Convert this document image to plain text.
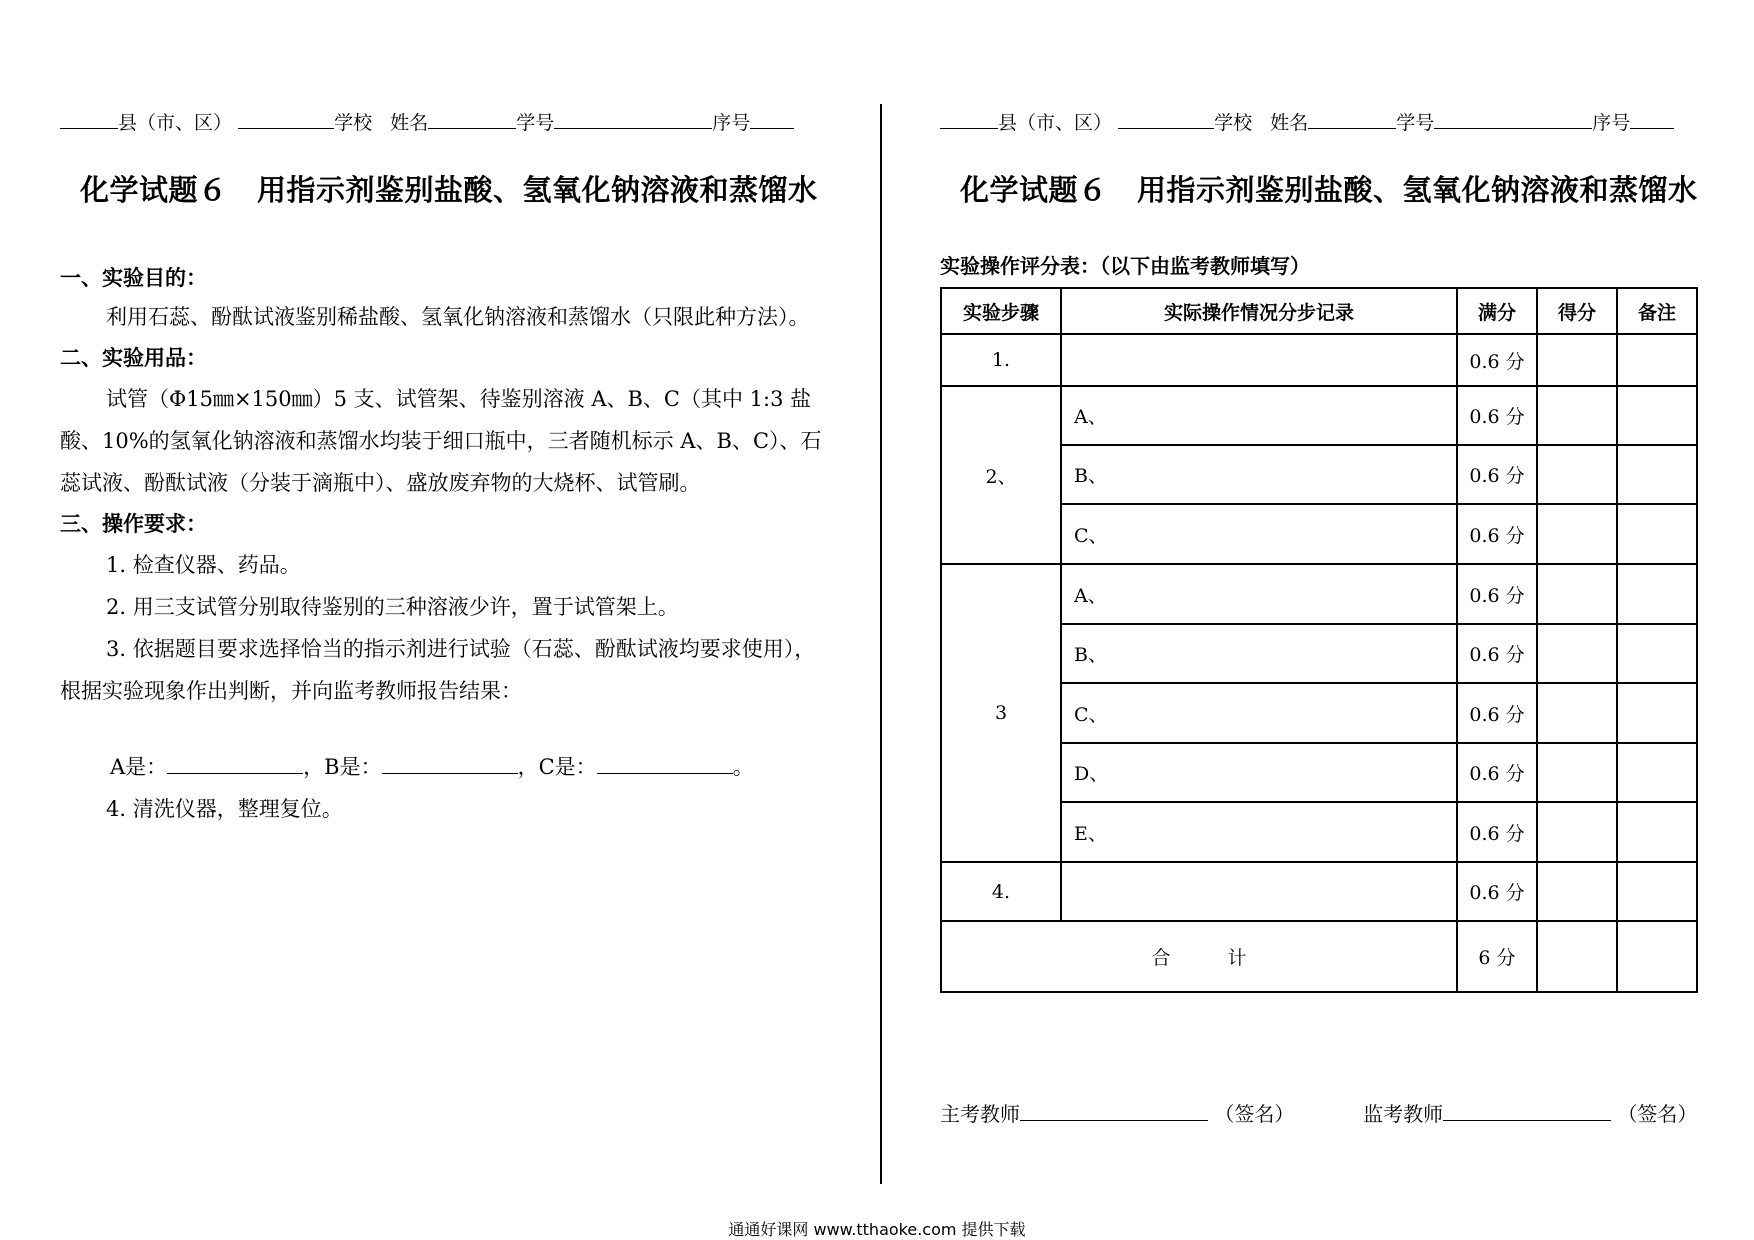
县（市、区）	学校 姓名	学号	序号
化学试题６　用指示剂鉴别盐酸、氢氧化钠溶液和蒸馏水
一、实验目的：
利用石蕊、酚酞试液鉴别稀盐酸、氢氧化钠溶液和蒸馏水（只限此种方法）。
二、实验用品：
试管（Φ15㎜×150㎜）5 支、试管架、待鉴别溶液 A、B、C（其中 1:3 盐酸、10%的氢氧化钠溶液和蒸馏水均装于细口瓶中，三者随机标示 A、B、C）、石蕊试液、酚酞试液（分装于滴瓶中）、盛放废弃物的大烧杯、试管刷。
三、操作要求：
1. 检查仪器、药品。
2. 用三支试管分别取待鉴别的三种溶液少许，置于试管架上。
3. 依据题目要求选择恰当的指示剂进行试验（石蕊、酚酞试液均要求使用），根据实验现象作出判断，并向监考教师报告结果：
A是：	，B是：	，C是：	。
4. 清洗仪器，整理复位。
县（市、区）	学校 姓名	学号	序号
化学试题６　用指示剂鉴别盐酸、氢氧化钠溶液和蒸馏水
实验操作评分表：（以下由监考教师填写）
实验步骤	实际操作情况分步记录	满分	得分	备注
1.		0.6 分		
2、	A、	0.6 分		
	B、	0.6 分		
	C、	0.6 分		
3	A、	0.6 分		
	B、	0.6 分		
	C、	0.6 分		
	D、	0.6 分		
	E、	0.6 分		
4.		0.6 分		
合　　　计		6 分		
主考教师	（签名）	监考教师	（签名）
通通好课网 www.tthaoke.com 提供下载
